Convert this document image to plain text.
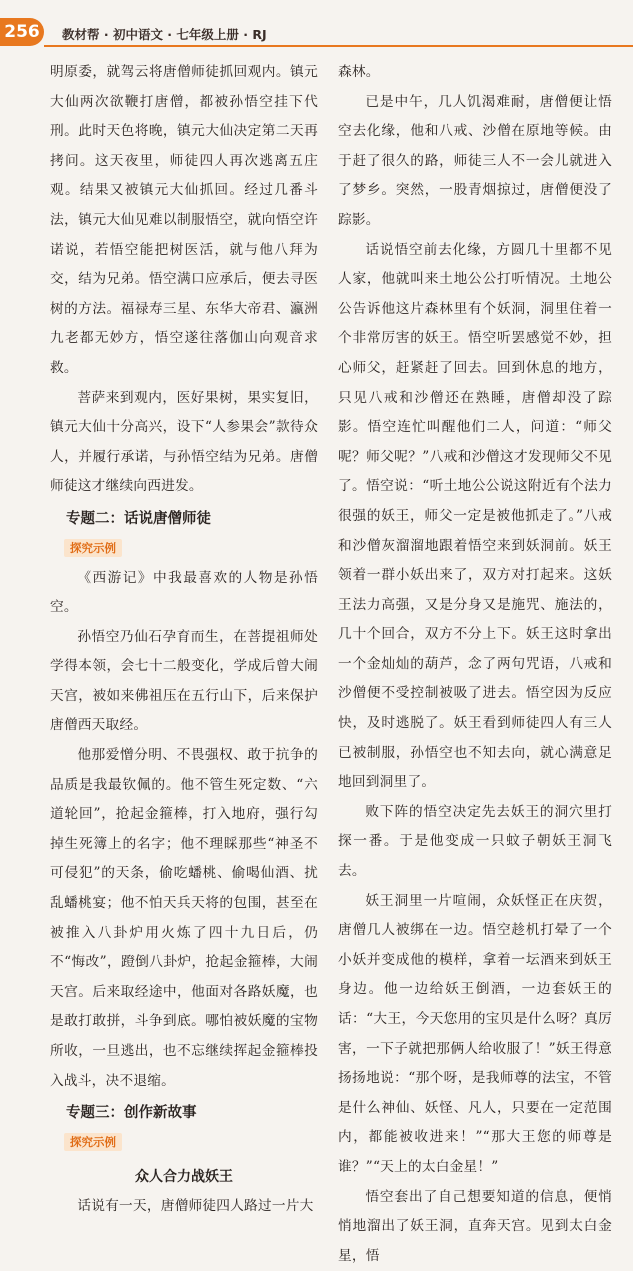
256	教材帮 · 初中语文 · 七年级上册 · RJ

明原委，就驾云将唐僧师徒抓回观内。镇元大仙两次欲鞭打唐僧，都被孙悟空挂下代刑。此时天色将晚，镇元大仙决定第二天再拷问。这天夜里，师徒四人再次逃离五庄观。结果又被镇元大仙抓回。经过几番斗法，镇元大仙见难以制服悟空，就向悟空许诺说，若悟空能把树医活，就与他八拜为交，结为兄弟。悟空满口应承后，便去寻医树的方法。福禄寿三星、东华大帝君、瀛洲九老都无妙方，悟空遂往落伽山向观音求救。

菩萨来到观内，医好果树，果实复旧，镇元大仙十分高兴，设下“人参果会”款待众人，并履行承诺，与孙悟空结为兄弟。唐僧师徒这才继续向西进发。

专题二：话说唐僧师徒
探究示例

《西游记》中我最喜欢的人物是孙悟空。

孙悟空乃仙石孕育而生，在菩提祖师处学得本领，会七十二般变化，学成后曾大闹天宫，被如来佛祖压在五行山下，后来保护唐僧西天取经。

他那爱憎分明、不畏强权、敢于抗争的品质是我最钦佩的。他不管生死定数、“六道轮回”，抢起金箍棒，打入地府，强行勾掉生死簿上的名字；他不理睬那些“神圣不可侵犯”的天条，偷吃蟠桃、偷喝仙酒、扰乱蟠桃宴；他不怕天兵天将的包围，甚至在被推入八卦炉用火炼了四十九日后，仍不“悔改”，蹬倒八卦炉，抢起金箍棒，大闹天宫。后来取经途中，他面对各路妖魔，也是敢打敢拼，斗争到底。哪怕被妖魔的宝物所收，一旦逃出，也不忘继续挥起金箍棒投入战斗，决不退缩。

专题三：创作新故事
探究示例
众人合力战妖王

话说有一天，唐僧师徒四人路过一片大

森林。

已是中午，几人饥渴难耐，唐僧便让悟空去化缘，他和八戒、沙僧在原地等候。由于赶了很久的路，师徒三人不一会儿就进入了梦乡。突然，一股青烟掠过，唐僧便没了踪影。

话说悟空前去化缘，方圆几十里都不见人家，他就叫来土地公公打听情况。土地公公告诉他这片森林里有个妖洞，洞里住着一个非常厉害的妖王。悟空听罢感觉不妙，担心师父，赶紧赶了回去。回到休息的地方，只见八戒和沙僧还在熟睡，唐僧却没了踪影。悟空连忙叫醒他们二人，问道：“师父呢？师父呢？”八戒和沙僧这才发现师父不见了。悟空说：“听土地公公说这附近有个法力很强的妖王，师父一定是被他抓走了。”八戒和沙僧灰溜溜地跟着悟空来到妖洞前。妖王领着一群小妖出来了，双方对打起来。这妖王法力高强，又是分身又是施咒、施法的，几十个回合，双方不分上下。妖王这时拿出一个金灿灿的葫芦，念了两句咒语，八戒和沙僧便不受控制被吸了进去。悟空因为反应快，及时逃脱了。妖王看到师徒四人有三人已被制服，孙悟空也不知去向，就心满意足地回到洞里了。

败下阵的悟空决定先去妖王的洞穴里打探一番。于是他变成一只蚊子朝妖王洞飞去。

妖王洞里一片喧闹，众妖怪正在庆贺，唐僧几人被绑在一边。悟空趁机打晕了一个小妖并变成他的模样，拿着一坛酒来到妖王身边。他一边给妖王倒酒，一边套妖王的话：“大王，今天您用的宝贝是什么呀？真厉害，一下子就把那俩人给收服了！”妖王得意扬扬地说：“那个呀，是我师尊的法宝，不管是什么神仙、妖怪、凡人，只要在一定范围内，都能被收进来！”“那大王您的师尊是谁？”“天上的太白金星！”

悟空套出了自己想要知道的信息，便悄悄地溜出了妖王洞，直奔天宫。见到太白金星，悟
